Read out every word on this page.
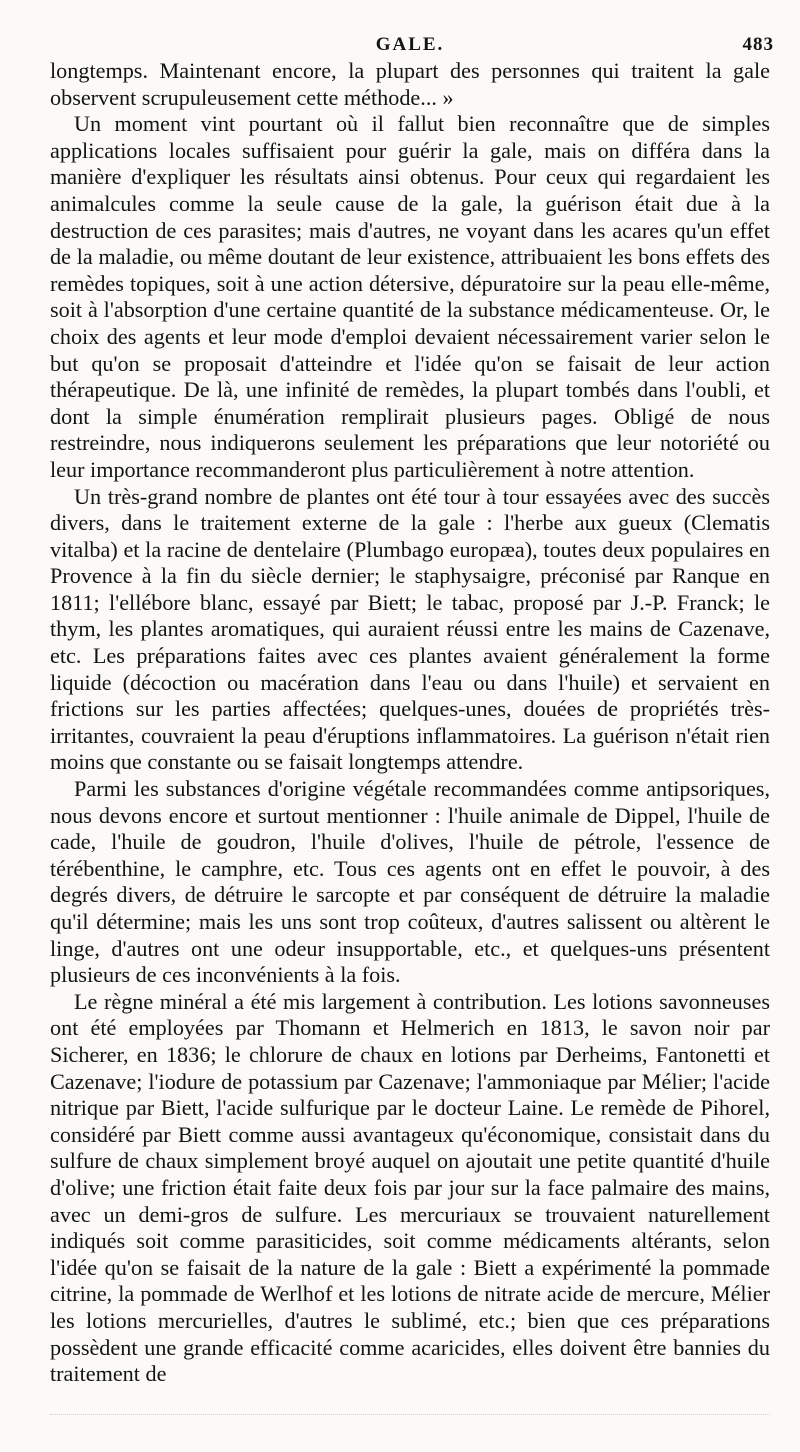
GALE.	483

longtemps. Maintenant encore, la plupart des personnes qui traitent la gale observent scrupuleusement cette méthode... »

Un moment vint pourtant où il fallut bien reconnaître que de simples applications locales suffisaient pour guérir la gale, mais on différa dans la manière d'expliquer les résultats ainsi obtenus. Pour ceux qui regardaient les animalcules comme la seule cause de la gale, la guérison était due à la destruction de ces parasites; mais d'autres, ne voyant dans les acares qu'un effet de la maladie, ou même doutant de leur existence, attribuaient les bons effets des remèdes topiques, soit à une action détersive, dépuratoire sur la peau elle-même, soit à l'absorption d'une certaine quantité de la substance médicamenteuse. Or, le choix des agents et leur mode d'emploi devaient nécessairement varier selon le but qu'on se proposait d'atteindre et l'idée qu'on se faisait de leur action thérapeutique. De là, une infinité de remèdes, la plupart tombés dans l'oubli, et dont la simple énumération remplirait plusieurs pages. Obligé de nous restreindre, nous indiquerons seulement les préparations que leur notoriété ou leur importance recommanderont plus particulièrement à notre attention.

Un très-grand nombre de plantes ont été tour à tour essayées avec des succès divers, dans le traitement externe de la gale : l'herbe aux gueux (Clematis vitalba) et la racine de dentelaire (Plumbago europæa), toutes deux populaires en Provence à la fin du siècle dernier; le staphysaigre, préconisé par Ranque en 1811; l'ellébore blanc, essayé par Biett; le tabac, proposé par J.-P. Franck; le thym, les plantes aromatiques, qui auraient réussi entre les mains de Cazenave, etc. Les préparations faites avec ces plantes avaient généralement la forme liquide (décoction ou macération dans l'eau ou dans l'huile) et servaient en frictions sur les parties affectées; quelques-unes, douées de propriétés très-irritantes, couvraient la peau d'éruptions inflammatoires. La guérison n'était rien moins que constante ou se faisait longtemps attendre.

Parmi les substances d'origine végétale recommandées comme antipsoriques, nous devons encore et surtout mentionner : l'huile animale de Dippel, l'huile de cade, l'huile de goudron, l'huile d'olives, l'huile de pétrole, l'essence de térébenthine, le camphre, etc. Tous ces agents ont en effet le pouvoir, à des degrés divers, de détruire le sarcopte et par conséquent de détruire la maladie qu'il détermine; mais les uns sont trop coûteux, d'autres salissent ou altèrent le linge, d'autres ont une odeur insupportable, etc., et quelques-uns présentent plusieurs de ces inconvénients à la fois.

Le règne minéral a été mis largement à contribution. Les lotions savonneuses ont été employées par Thomann et Helmerich en 1813, le savon noir par Sicherer, en 1836; le chlorure de chaux en lotions par Derheims, Fantonetti et Cazenave; l'iodure de potassium par Cazenave; l'ammoniaque par Mélier; l'acide nitrique par Biett, l'acide sulfurique par le docteur Laine. Le remède de Pihorel, considéré par Biett comme aussi avantageux qu'économique, consistait dans du sulfure de chaux simplement broyé auquel on ajoutait une petite quantité d'huile d'olive; une friction était faite deux fois par jour sur la face palmaire des mains, avec un demi-gros de sulfure. Les mercuriaux se trouvaient naturellement indiqués soit comme parasiticides, soit comme médicaments altérants, selon l'idée qu'on se faisait de la nature de la gale : Biett a expérimenté la pommade citrine, la pommade de Werlhof et les lotions de nitrate acide de mercure, Mélier les lotions mercurielles, d'autres le sublimé, etc.; bien que ces préparations possèdent une grande efficacité comme acaricides, elles doivent être bannies du traitement de
